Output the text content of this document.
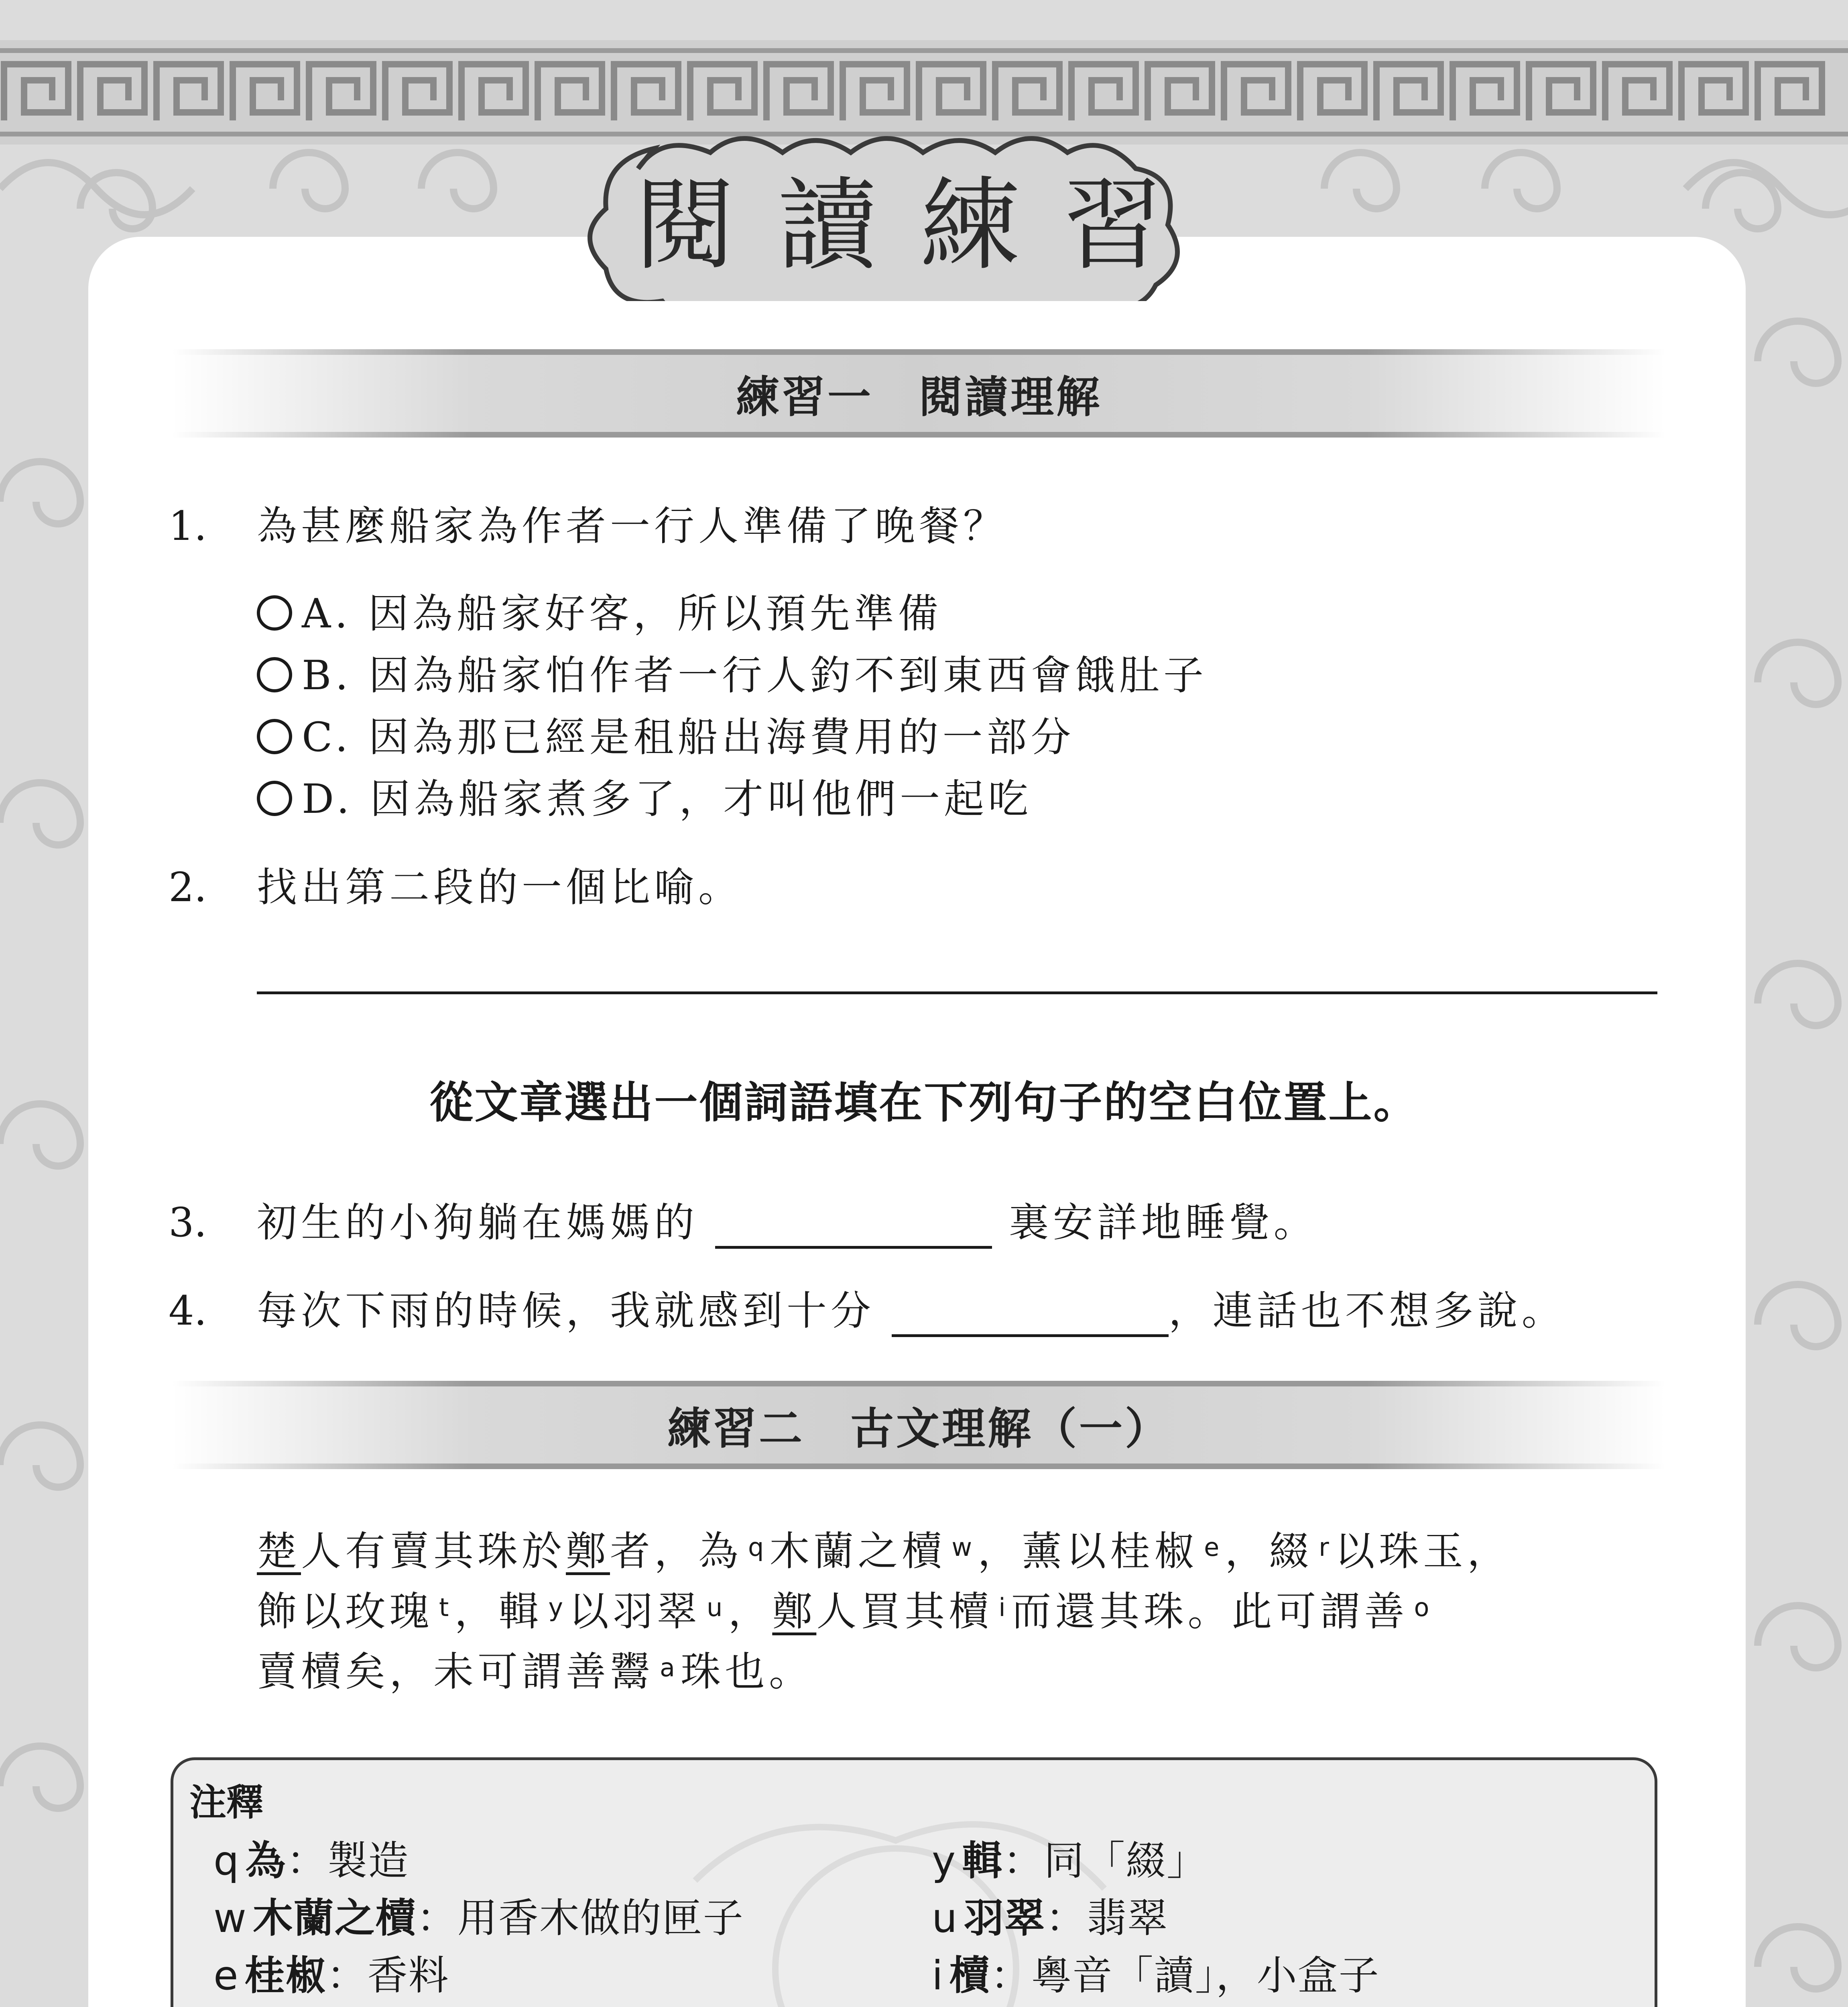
閱 讀 練 習
練習一　閱讀理解
1. 為甚麼船家為作者一行人準備了晚餐？
A. 因為船家好客，所以預先準備
B. 因為船家怕作者一行人釣不到東西會餓肚子
C. 因為那已經是租船出海費用的一部分
D. 因為船家煮多了，才叫他們一起吃
2. 找出第二段的一個比喻。
從文章選出一個詞語填在下列句子的空白位置上。
3. 初生的小狗躺在媽媽的	裏安詳地睡覺。
4. 每次下雨的時候，我就感到十分	，連話也不想多說。
練習二　古文理解（一）
楚人有賣其珠於鄭者，為 $^q$ 木蘭之櫝 $^w$ ，薰以桂椒 $^e$ ，綴 $^r$ 以珠玉，
飾以玫瑰 $^t$ ，輯 $^y$ 以羽翠 $^u$ ，鄭人買其櫝 $^i$ 而還其珠。此可謂善 $^o$
賣櫝矣，未可謂善鬻 $^a$ 珠也。
注釋
q 為：製造
w 木蘭之櫝：用香木做的匣子
e 桂椒：香料
y 輯：同「綴」
u 羽翠：翡翠
i 櫝：粵音「讀」，小盒子
